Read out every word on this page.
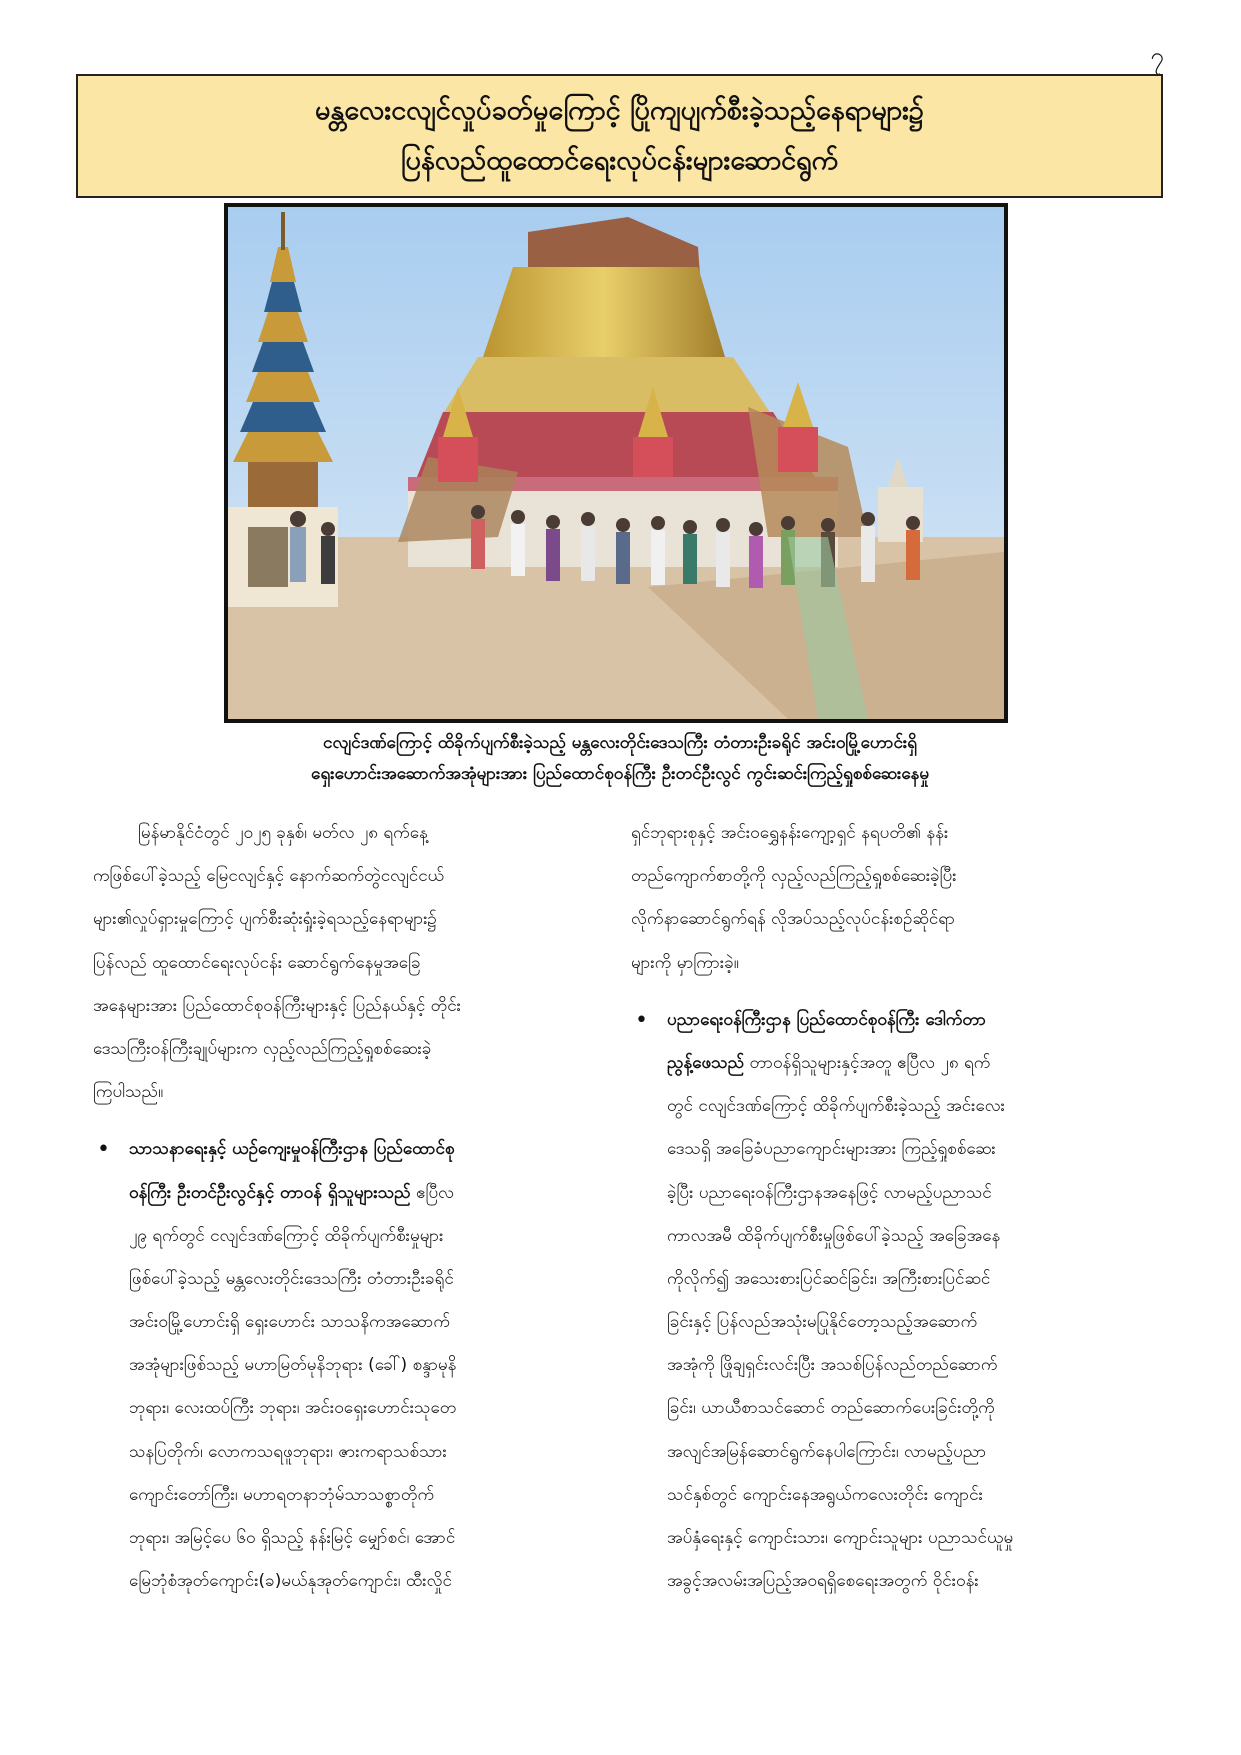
၇
မန္တလေးငလျင်လှုပ်ခတ်မှုကြောင့် ပြိုကျပျက်စီးခဲ့သည့်နေရာများ၌
ပြန်လည်ထူထောင်ရေးလုပ်ငန်းများဆောင်ရွက်
ငလျင်ဒဏ်ကြောင့် ထိခိုက်ပျက်စီးခဲ့သည့် မန္တလေးတိုင်းဒေသကြီး တံတားဦးခရိုင် အင်းဝမြို့ဟောင်းရှိ
ရှေးဟောင်းအဆောက်အအုံများအား ပြည်ထောင်စုဝန်ကြီး ဦးတင်ဦးလွင် ကွင်းဆင်းကြည့်ရှုစစ်ဆေးနေမှု
မြန်မာနိုင်ငံတွင် ၂၀၂၅ ခုနှစ်၊ မတ်လ ၂၈ ရက်နေ့
ကဖြစ်ပေါ်ခဲ့သည့် မြေငလျင်နှင့် နောက်ဆက်တွဲငလျင်ငယ်
များ၏လှုပ်ရှားမှုကြောင့် ပျက်စီးဆုံးရှုံးခဲ့ရသည့်နေရာများ၌
ပြန်လည် ထူထောင်ရေးလုပ်ငန်း ဆောင်ရွက်နေမှုအခြေ
အနေများအား ပြည်ထောင်စုဝန်ကြီးများနှင့် ပြည်နယ်နှင့် တိုင်း
ဒေသကြီးဝန်ကြီးချုပ်များက လှည့်လည်ကြည့်ရှုစစ်ဆေးခဲ့
ကြပါသည်။
• သာသနာရေးနှင့် ယဉ်ကျေးမှုဝန်ကြီးဌာန ပြည်ထောင်စု
ဝန်ကြီး ဦးတင်ဦးလွင်နှင့် တာဝန် ရှိသူများသည် ဧပြီလ
၂၉ ရက်တွင် ငလျင်ဒဏ်ကြောင့် ထိခိုက်ပျက်စီးမှုများ
ဖြစ်ပေါ်ခဲ့သည့် မန္တလေးတိုင်းဒေသကြီး တံတားဦးခရိုင်
အင်းဝမြို့ဟောင်းရှိ ရှေးဟောင်း သာသနိကအဆောက်
အအုံများဖြစ်သည့် မဟာမြတ်မုနိဘုရား (ခေါ်) စန္ဒာမုနိ
ဘုရား၊ လေးထပ်ကြီး ဘုရား၊ အင်းဝရှေးဟောင်းသုတေ
သနပြတိုက်၊ လောကသရဖူဘုရား၊ ဇားကရာသစ်သား
ကျောင်းတော်ကြီး၊ မဟာရတနာဘုံမ်သာသစ္စာတိုက်
ဘုရား၊ အမြင့်ပေ ၆၀ ရှိသည့် နန်းမြင့် မျှော်စင်၊ အောင်
မြေဘုံစံအုတ်ကျောင်း(ခ)မယ်နုအုတ်ကျောင်း၊ ထီးလှိုင်
ရှင်ဘုရားစုနှင့် အင်းဝရွှေနန်းကျော့ရှင် နရပတိ၏ နန်း
တည်ကျောက်စာတို့ကို လှည့်လည်ကြည့်ရှုစစ်ဆေးခဲ့ပြီး
လိုက်နာဆောင်ရွက်ရန် လိုအပ်သည့်လုပ်ငန်းစဉ်ဆိုင်ရာ
များကို မှာကြားခဲ့။
• ပညာရေးဝန်ကြီးဌာန ပြည်ထောင်စုဝန်ကြီး ဒေါက်တာ
ညွန့်ဖေသည် တာဝန်ရှိသူများနှင့်အတူ ဧပြီလ ၂၈ ရက်
တွင် ငလျင်ဒဏ်ကြောင့် ထိခိုက်ပျက်စီးခဲ့သည့် အင်းလေး
ဒေသရှိ အခြေခံပညာကျောင်းများအား ကြည့်ရှုစစ်ဆေး
ခဲ့ပြီး ပညာရေးဝန်ကြီးဌာနအနေဖြင့် လာမည့်ပညာသင်
ကာလအမီ ထိခိုက်ပျက်စီးမှုဖြစ်ပေါ်ခဲ့သည့် အခြေအနေ
ကိုလိုက်၍ အသေးစားပြင်ဆင်ခြင်း၊ အကြီးစားပြင်ဆင်
ခြင်းနှင့် ပြန်လည်အသုံးမပြုနိုင်တော့သည့်အဆောက်
အအုံကို ဖြိုချရှင်းလင်းပြီး အသစ်ပြန်လည်တည်ဆောက်
ခြင်း၊ ယာယီစာသင်ဆောင် တည်ဆောက်ပေးခြင်းတို့ကို
အလျင်အမြန်ဆောင်ရွက်နေပါကြောင်း၊ လာမည့်ပညာ
သင်နှစ်တွင် ကျောင်းနေအရွယ်ကလေးတိုင်း ကျောင်း
အပ်နှံရေးနှင့် ကျောင်းသား၊ ကျောင်းသူများ ပညာသင်ယူမှု
အခွင့်အလမ်းအပြည့်အဝရရှိစေရေးအတွက် ဝိုင်းဝန်း
